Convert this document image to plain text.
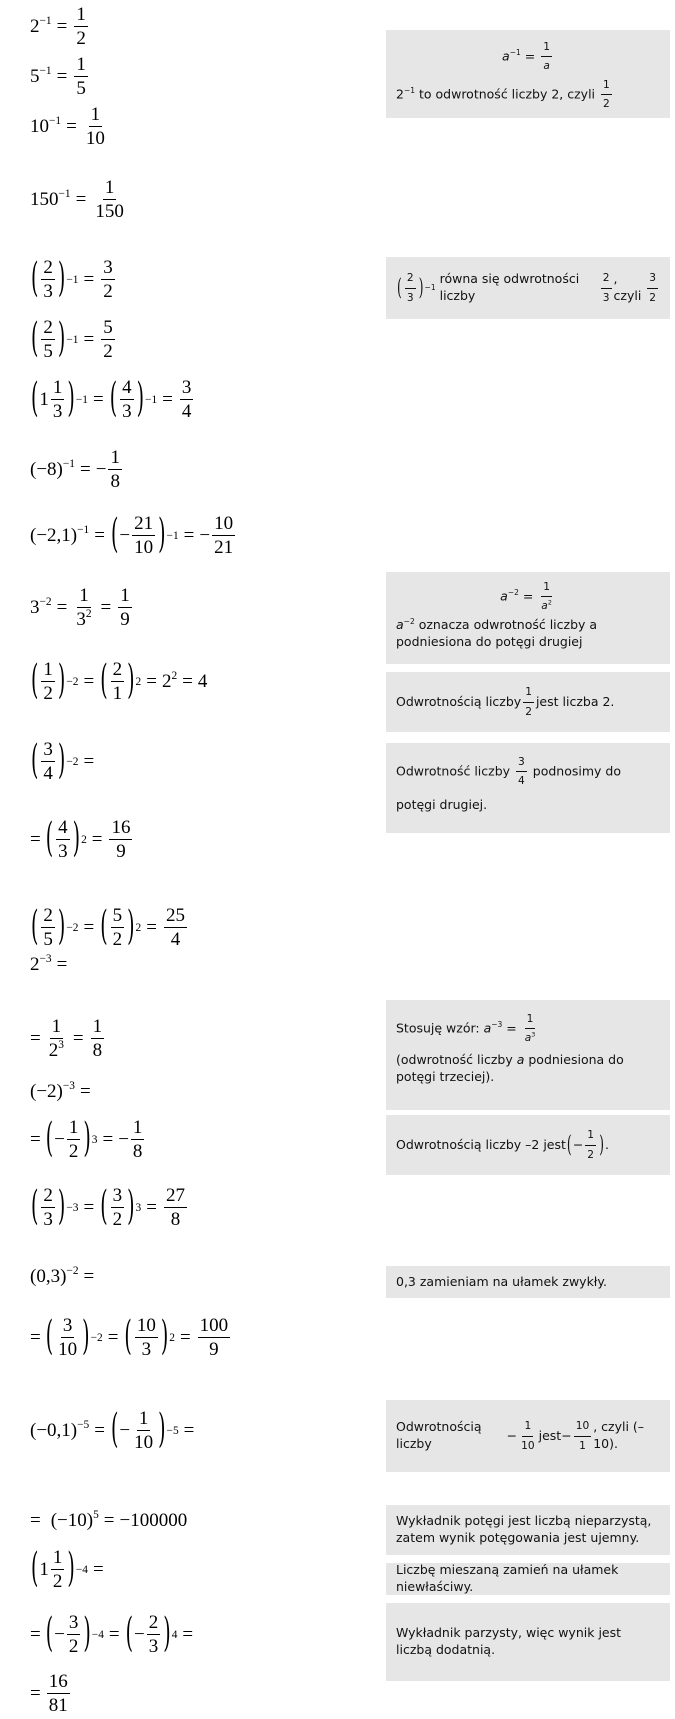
$2^{-1} = \frac{1}{2}$
$5^{-1} = \frac{1}{5}$
$10^{-1} = \frac{1}{10}$
$150^{-1} = \frac{1}{150}$
( $\frac{2}{3}$ ) $-1 = \frac{3}{2}$
( $\frac{2}{5}$ ) $-1 = \frac{5}{2}$
( $1 \frac{1}{3}$ ) −1 = ( $\frac{4}{3}$ ) $-1 = \frac{3}{4}$
$(-8)^{-1}$ = − $\frac{1}{8}$
$(-2,1)^{-1}$ = ( − $\frac{21}{10}$ ) −1 = − $\frac{10}{21}$
$3^{-2} = \frac{1}{3^2} = \frac{1}{9}$
( $\frac{1}{2}$ ) −2 = ( $\frac{2}{1}$ ) $2 = 2^2 = 4$
( $\frac{3}{4}$ ) −2 =
= ( $\frac{4}{3}$ ) $2 = \frac{16}{9}$
( $\frac{2}{5}$ ) −2 = ( $\frac{5}{2}$ ) $2 = \frac{25}{4}$
$2^{-3}$ =
= $\frac{1}{2^3} = \frac{1}{8}$
$(-2)^{-3}$ =
= ( − $\frac{1}{2}$ ) 3 = − $\frac{1}{8}$
( $\frac{2}{3}$ ) −3 = ( $\frac{3}{2}$ ) $3 = \frac{27}{8}$
$(0,3)^{-2}$ =
= ( $\frac{3}{10}$ ) −2 = ( $\frac{10}{3}$ ) $2 = \frac{100}{9}$
$(-0,1)^{-5}$ = ( − $\frac{1}{10}$ ) −5 =
= $(-10)^5 = -100000$
( $1 \frac{1}{2}$ ) −4 =
= ( − $\frac{3}{2}$ ) −4 = ( − $\frac{2}{3}$ ) 4 =
= $\frac{16}{81}$
$a^{-1} = \frac{1}{a}$
$2^{-1}$ to odwrotność liczby 2, czyli $\frac{1}{2}$
( $\frac{2}{3}$ ) −1

równa się odwrotności liczby	$\frac{2}{3}$ , czyli $\frac{3}{2}$
$a^{-2} = \frac{1}{a^2}$
$a^{-2}$ oznacza odwrotność liczby a podniesiona do potęgi drugiej
Odwrotnością liczby $\frac{1}{2}$ jest liczba 2.
Odwrotność liczby $\frac{3}{4}$ podnosimy do
potęgi drugiej.
Stosuję wzór: $a^{-3} = \frac{1}{a^3}$
(odwrotność liczby a podniesiona do potęgi trzeciej).
Odwrotnością liczby –2 jest ( − $\frac{1}{2}$ ) .
0,3 zamieniam na ułamek zwykły.
Odwrotnością liczby
− $\frac{1}{10}$ jest − $\frac{10}{1}$ , czyli (–10).
Wykładnik potęgi jest liczbą nieparzystą, zatem wynik potęgowania jest ujemny.
Liczbę mieszaną zamień na ułamek niewłaściwy.
Wykładnik parzysty, więc wynik jest liczbą dodatnią.
